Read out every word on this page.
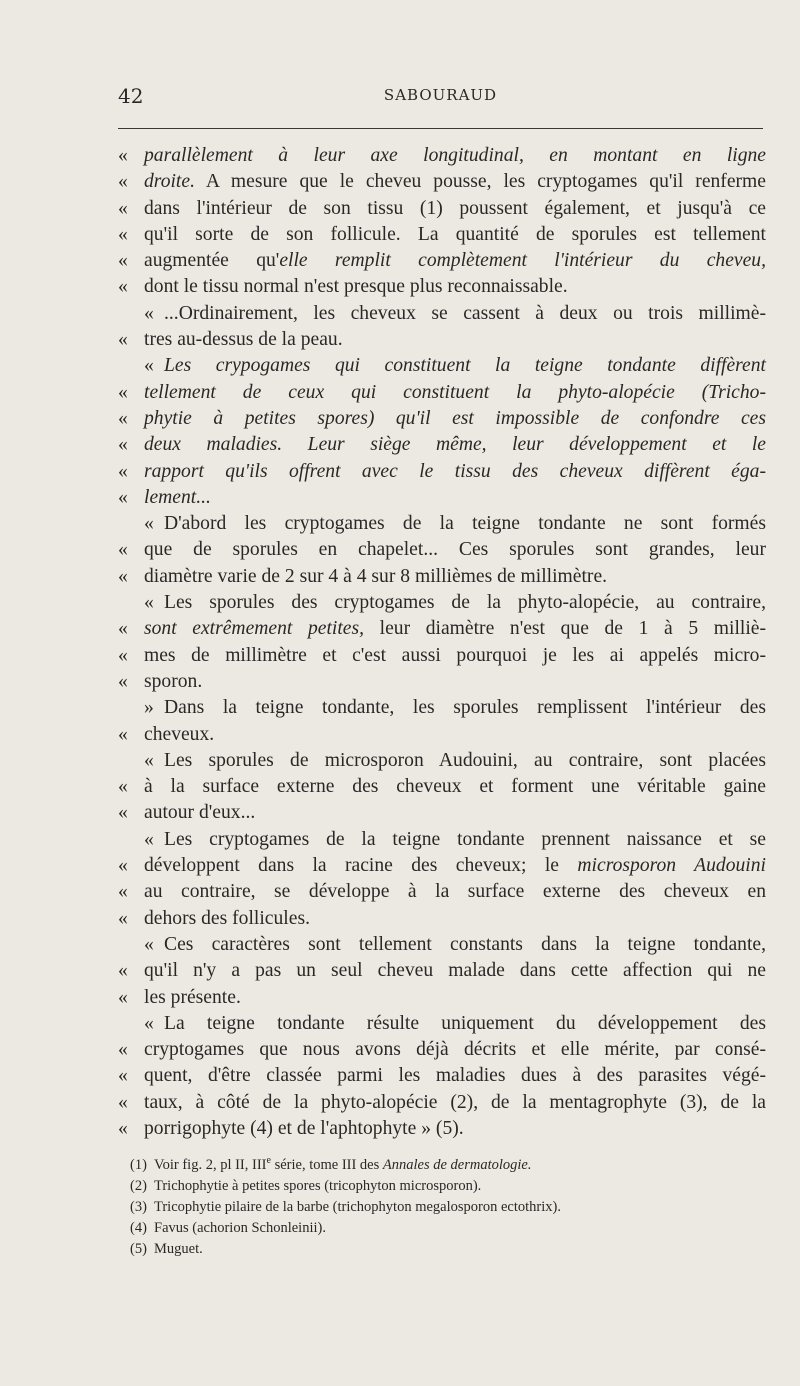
42	SABOURAUD
« parallèlement à leur axe longitudinal, en montant en ligne
« droite. A mesure que le cheveu pousse, les cryptogames qu'il renferme
« dans l'intérieur de son tissu (1) poussent également, et jusqu'à ce
« qu'il sorte de son follicule. La quantité de sporules est tellement
« augmentée qu'elle remplit complètement l'intérieur du cheveu,
« dont le tissu normal n'est presque plus reconnaissable.
« ...Ordinairement, les cheveux se cassent à deux ou trois millimè-
« tres au-dessus de la peau.
« Les crypogames qui constituent la teigne tondante diffèrent
« tellement de ceux qui constituent la phyto-alopécie (Tricho-
« phytie à petites spores) qu'il est impossible de confondre ces
« deux maladies. Leur siège même, leur développement et le
« rapport qu'ils offrent avec le tissu des cheveux diffèrent éga-
« lement...
« D'abord les cryptogames de la teigne tondante ne sont formés
« que de sporules en chapelet... Ces sporules sont grandes, leur
« diamètre varie de 2 sur 4 à 4 sur 8 millièmes de millimètre.
« Les sporules des cryptogames de la phyto-alopécie, au contraire,
« sont extrêmement petites, leur diamètre n'est que de 1 à 5 milliè-
« mes de millimètre et c'est aussi pourquoi je les ai appelés micro-
« sporon.
» Dans la teigne tondante, les sporules remplissent l'intérieur des
« cheveux.
« Les sporules de microsporon Audouini, au contraire, sont placées
« à la surface externe des cheveux et forment une véritable gaine
« autour d'eux...
« Les cryptogames de la teigne tondante prennent naissance et se
« développent dans la racine des cheveux; le microsporon Audouini
« au contraire, se développe à la surface externe des cheveux en
« dehors des follicules.
« Ces caractères sont tellement constants dans la teigne tondante,
« qu'il n'y a pas un seul cheveu malade dans cette affection qui ne
« les présente.
« La teigne tondante résulte uniquement du développement des
« cryptogames que nous avons déjà décrits et elle mérite, par consé-
« quent, d'être classée parmi les maladies dues à des parasites végé-
« taux, à côté de la phyto-alopécie (2), de la mentagrophyte (3), de la
« porrigophyte (4) et de l'aphtophyte » (5).
(1) Voir fig. 2, pl II, IIIe série, tome III des Annales de dermatologie.
(2) Trichophytie à petites spores (tricophyton microsporon).
(3) Tricophytie pilaire de la barbe (trichophyton megalosporon ectothrix).
(4) Favus (achorion Schonleinii).
(5) Muguet.
